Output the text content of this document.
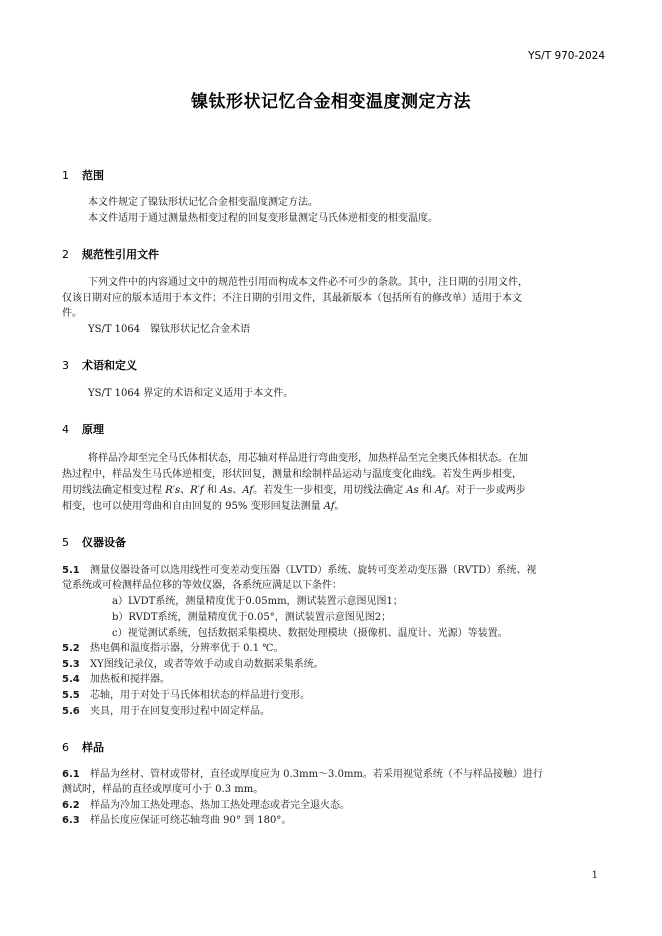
YS/T 970-2024
镍钛形状记忆合金相变温度测定方法
1 范围
本文件规定了镍钛形状记忆合金相变温度测定方法。
本文件适用于通过测量热相变过程的回复变形量测定马氏体逆相变的相变温度。
2 规范性引用文件
下列文件中的内容通过文中的规范性引用而构成本文件必不可少的条款。其中，注日期的引用文件，
仅该日期对应的版本适用于本文件；不注日期的引用文件，其最新版本（包括所有的修改单）适用于本文
件。
YS/T 1064　镍钛形状记忆合金术语
3 术语和定义
YS/T 1064 界定的术语和定义适用于本文件。
4 原理
将样品冷却至完全马氏体相状态，用芯轴对样品进行弯曲变形，加热样品至完全奥氏体相状态。在加
热过程中，样品发生马氏体逆相变，形状回复，测量和绘制样品运动与温度变化曲线。若发生两步相变，
用切线法确定相变过程 R′s、R′f 和 As、Af。若发生一步相变，用切线法确定 As 和 Af。对于一步或两步
相变，也可以使用弯曲和自由回复的 95% 变形回复法测量 Af。
5 仪器设备
5.1 测量仪器设备可以选用线性可变差动变压器（LVTD）系统、旋转可变差动变压器（RVTD）系统、视
觉系统或可检测样品位移的等效仪器，各系统应满足以下条件：
a）LVDT系统，测量精度优于0.05mm，测试装置示意图见图1；
b）RVDT系统，测量精度优于0.05°，测试装置示意图见图2；
c）视觉测试系统，包括数据采集模块、数据处理模块（摄像机、温度计、光源）等装置。
5.2 热电偶和温度指示器，分辨率优于 0.1 ℃。
5.3 XY图线记录仪，或者等效手动或自动数据采集系统。
5.4 加热板和搅拌器。
5.5 芯轴，用于对处于马氏体相状态的样品进行变形。
5.6 夹具，用于在回复变形过程中固定样品。
6 样品
6.1 样品为丝材、管材或带材，直径或厚度应为 0.3mm～3.0mm。若采用视觉系统（不与样品接触）进行
测试时，样品的直径或厚度可小于 0.3 mm。
6.2 样品为冷加工热处理态、热加工热处理态或者完全退火态。
6.3 样品长度应保证可绕芯轴弯曲 90° 到 180°。
1
